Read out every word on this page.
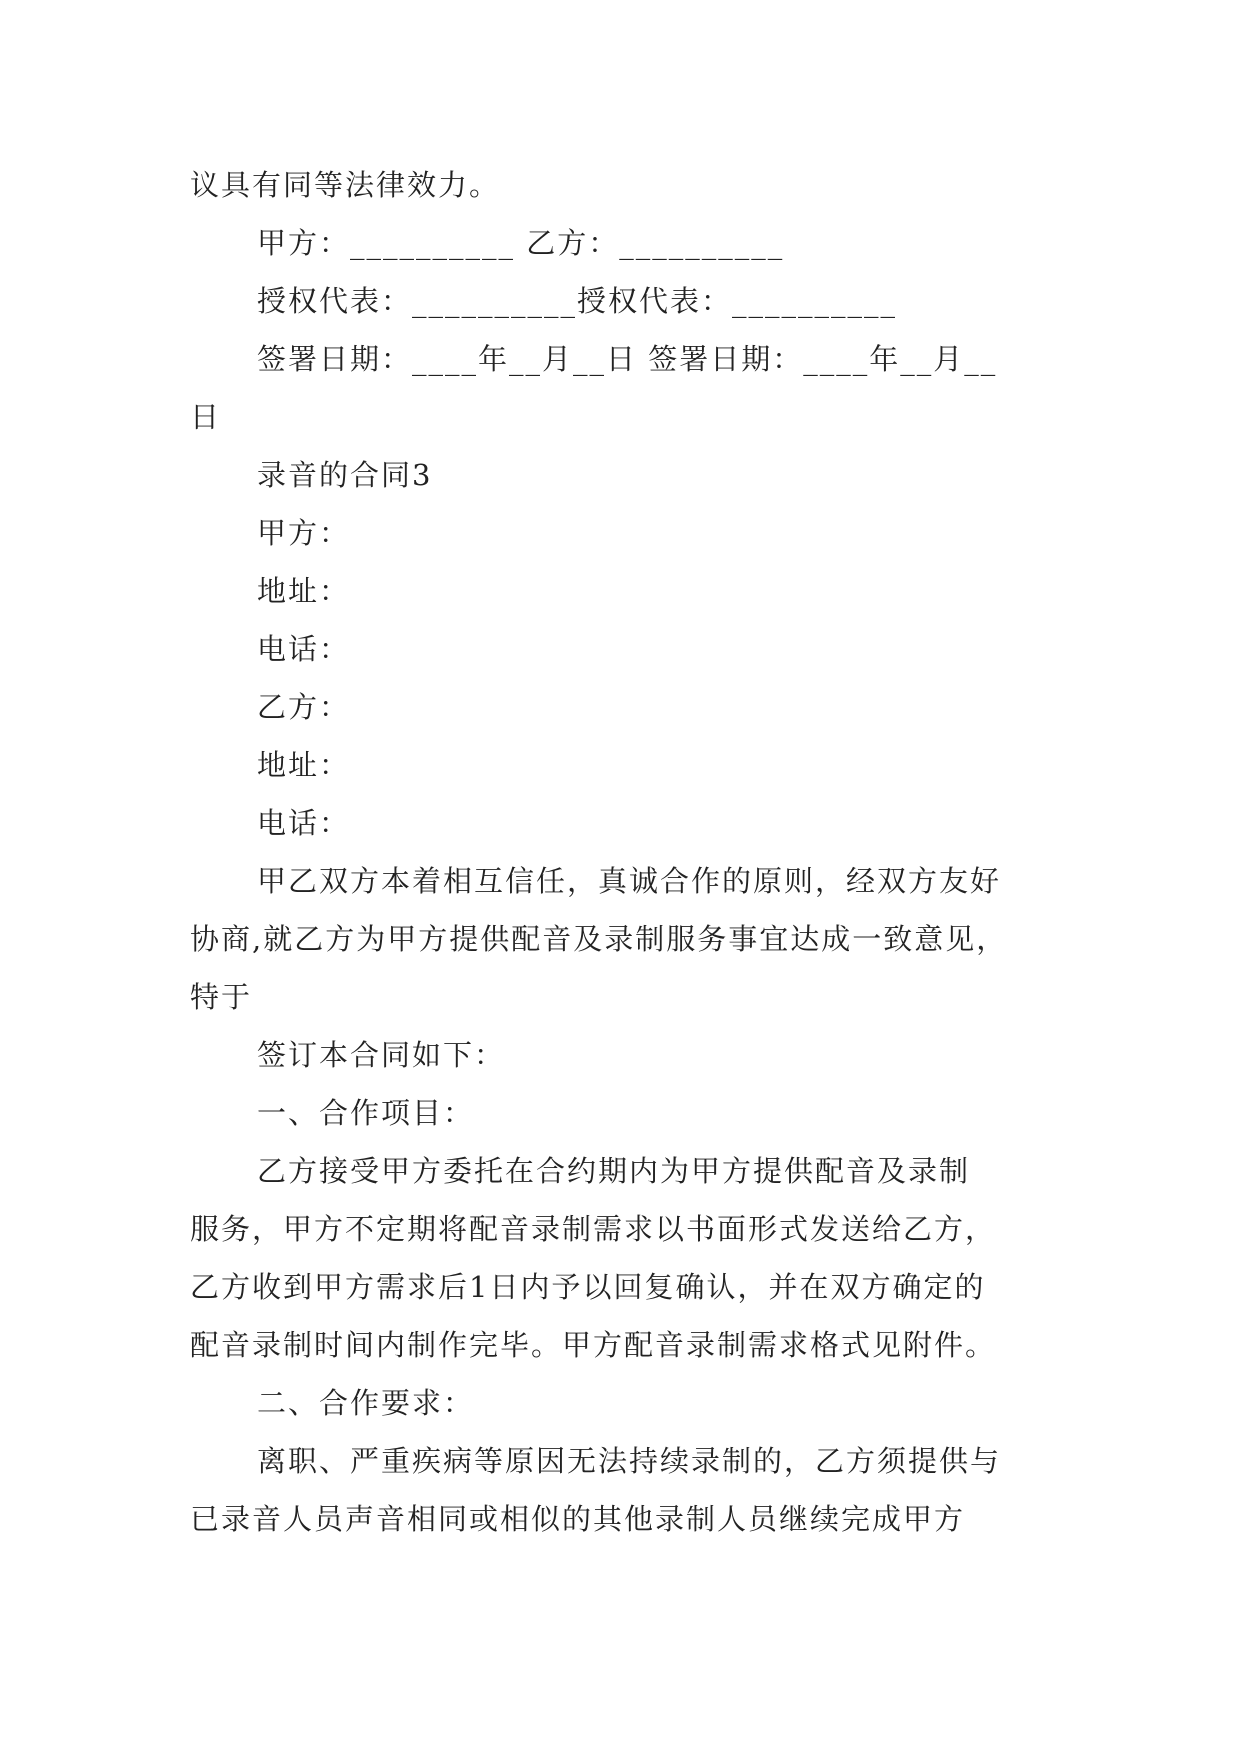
议具有同等法律效力。
甲方：__________ 乙方：__________
授权代表：__________授权代表：__________
签署日期：____年__月__日 签署日期：____年__月__
日
录音的合同3
甲方：
地址：
电话：
乙方：
地址：
电话：
甲乙双方本着相互信任，真诚合作的原则，经双方友好
协商,就乙方为甲方提供配音及录制服务事宜达成一致意见，
特于
签订本合同如下：
一、合作项目：
乙方接受甲方委托在合约期内为甲方提供配音及录制
服务，甲方不定期将配音录制需求以书面形式发送给乙方，
乙方收到甲方需求后1日内予以回复确认，并在双方确定的
配音录制时间内制作完毕。甲方配音录制需求格式见附件。
二、合作要求：
离职、严重疾病等原因无法持续录制的，乙方须提供与
已录音人员声音相同或相似的其他录制人员继续完成甲方
